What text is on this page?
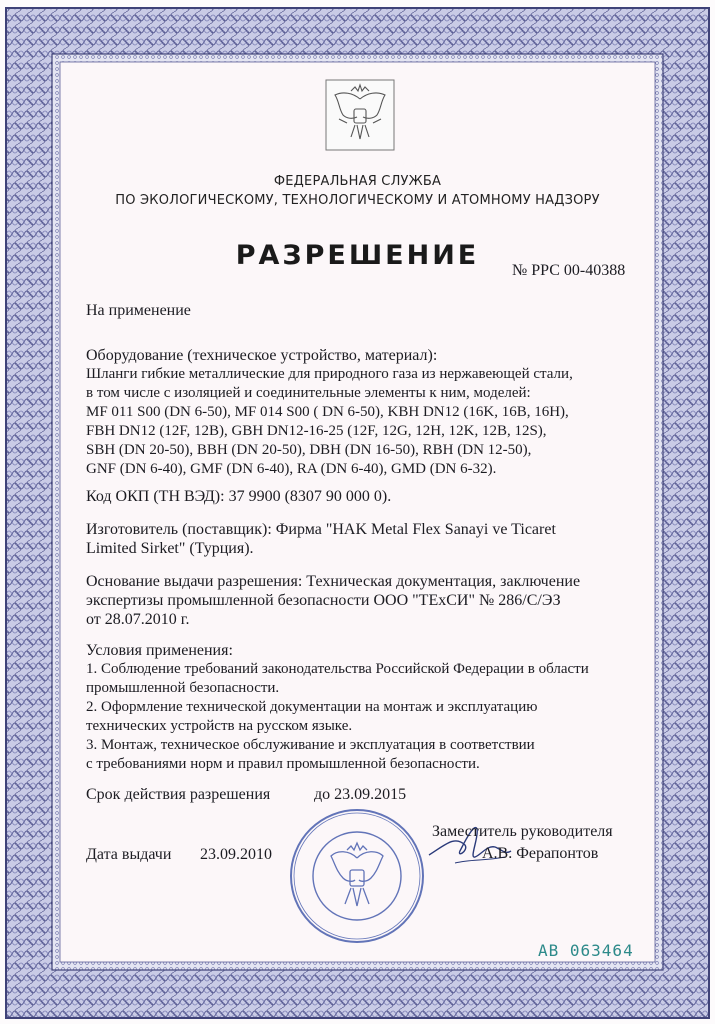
ФЕДЕРАЛЬНАЯ СЛУЖБА
ПО ЭКОЛОГИЧЕСКОМУ, ТЕХНОЛОГИЧЕСКОМУ И АТОМНОМУ НАДЗОРУ
РАЗРЕШЕНИЕ	№ РРС 00-40388
На применение
Оборудование (техническое устройство, материал):
Шланги гибкие металлические для природного газа из нержавеющей стали,
в том числе с изоляцией и соединительные элементы к ним, моделей:
MF 011 S00 (DN 6-50), MF 014 S00 ( DN 6-50), KBH DN12 (16K, 16B, 16H),
FBH DN12 (12F, 12B), GBH DN12-16-25 (12F, 12G, 12H, 12K, 12B, 12S),
SBH (DN 20-50), BBH (DN 20-50), DBH (DN 16-50), RBH (DN 12-50),
GNF (DN 6-40), GMF (DN 6-40), RA (DN 6-40), GMD (DN 6-32).
Код ОКП (ТН ВЭД): 37 9900 (8307 90 000 0).
Изготовитель (поставщик): Фирма "HAK Metal Flex Sanayi ve Ticaret
Limited Sirket" (Турция).
Основание выдачи разрешения: Техническая документация, заключение
экспертизы промышленной безопасности ООО "ТЕхСИ" № 286/С/ЭЗ
от 28.07.2010 г.
Условия применения:
1. Соблюдение требований законодательства Российской Федерации в области
промышленной безопасности.
2. Оформление технической документации на монтаж и эксплуатацию
технических устройств на русском языке.
3. Монтаж, техническое обслуживание и эксплуатация в соответствии
с требованиями норм и правил промышленной безопасности.
Срок действия разрешения	до 23.09.2015
Заместитель руководителя
А.В. Ферапонтов
Дата выдачи 23.09.2010
АВ 063464
